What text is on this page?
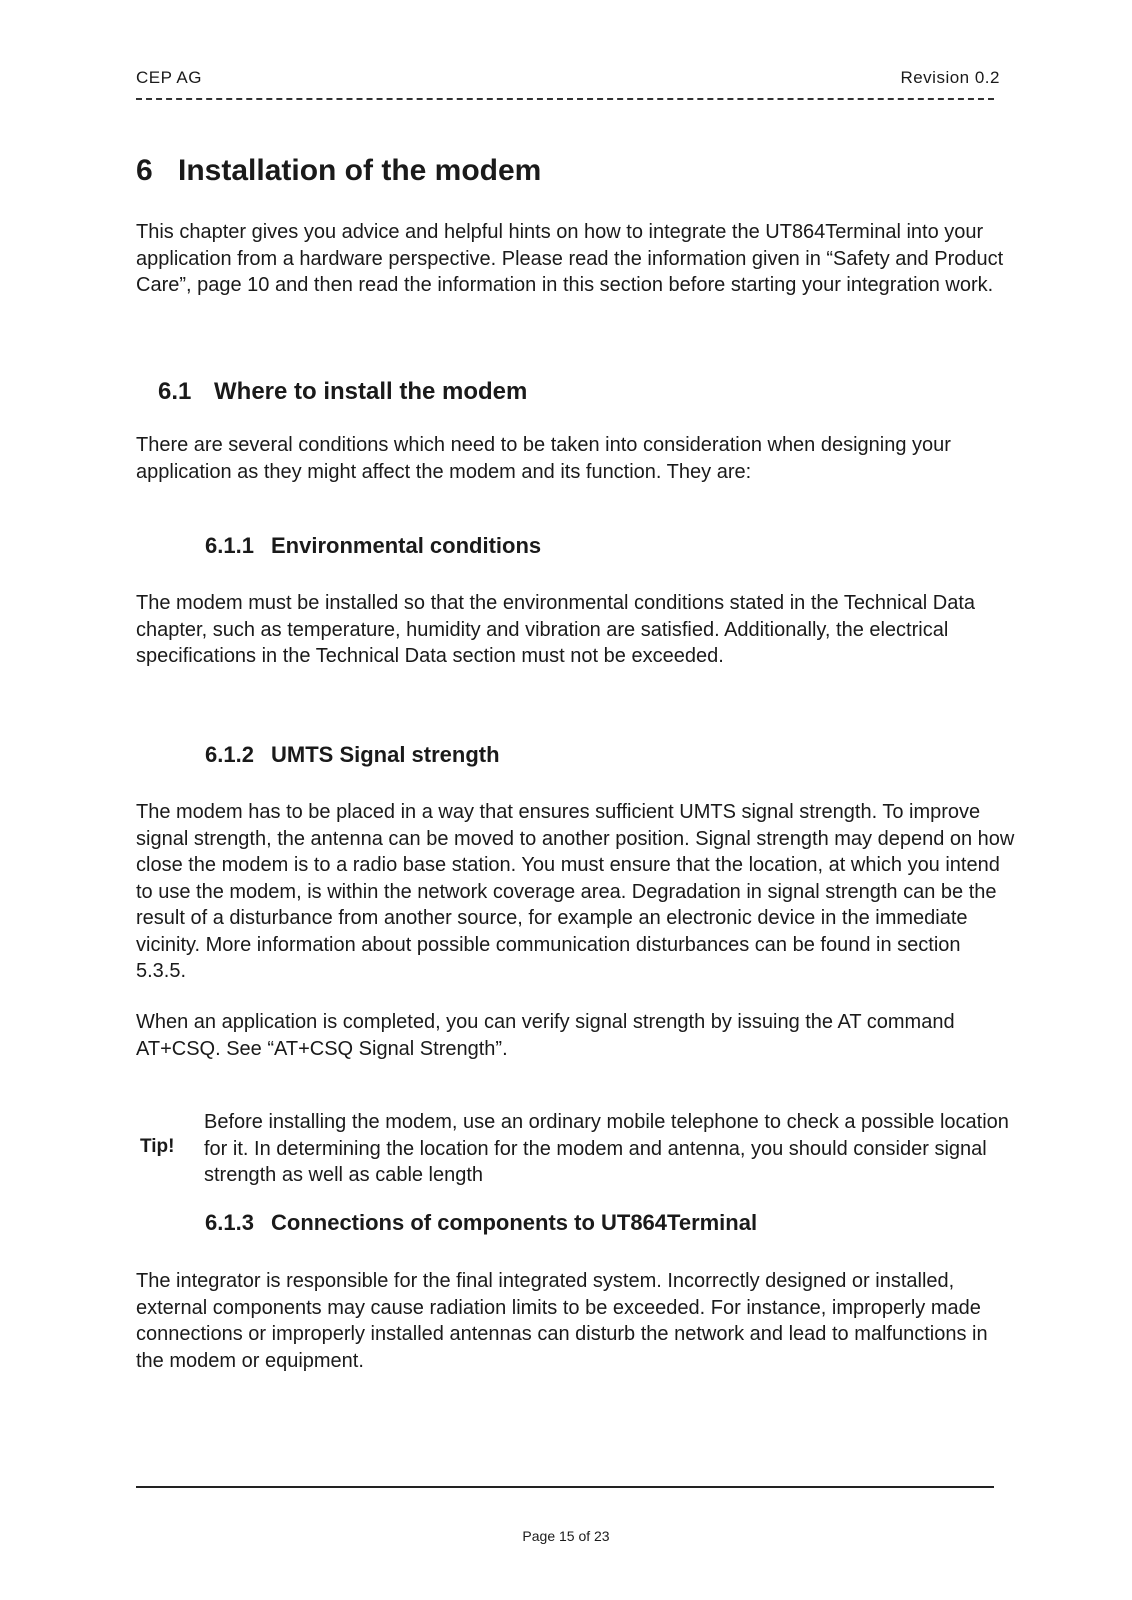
CEP AG	Revision 0.2
6 Installation of the modem

This chapter gives you advice and helpful hints on how to integrate the UT864Terminal into your application from a hardware perspective. Please read the information given in “Safety and Product Care”, page 10 and then read the information in this section before starting your integration work.

6.1 Where to install the modem

There are several conditions which need to be taken into consideration when designing your application as they might affect the modem and its function. They are:

6.1.1 Environmental conditions

The modem must be installed so that the environmental conditions stated in the Technical Data chapter, such as temperature, humidity and vibration are satisfied. Additionally, the electrical specifications in the Technical Data section must not be exceeded.

6.1.2 UMTS Signal strength

The modem has to be placed in a way that ensures sufficient UMTS signal strength. To improve signal strength, the antenna can be moved to another position. Signal strength may depend on how close the modem is to a radio base station. You must ensure that the location, at which you intend to use the modem, is within the network coverage area. Degradation in signal strength can be the result of a disturbance from another source, for example an electronic device in the immediate vicinity. More information about possible communication disturbances can be found in section 5.3.5.

When an application is completed, you can verify signal strength by issuing the AT command AT+CSQ. See “AT+CSQ Signal Strength”.

Tip!

Before installing the modem, use an ordinary mobile telephone to check a possible location for it. In determining the location for the modem and antenna, you should consider signal strength as well as cable length

6.1.3 Connections of components to UT864Terminal

The integrator is responsible for the final integrated system. Incorrectly designed or installed, external components may cause radiation limits to be exceeded. For instance, improperly made connections or improperly installed antennas can disturb the network and lead to malfunctions in the modem or equipment.

Page 15 of 23
